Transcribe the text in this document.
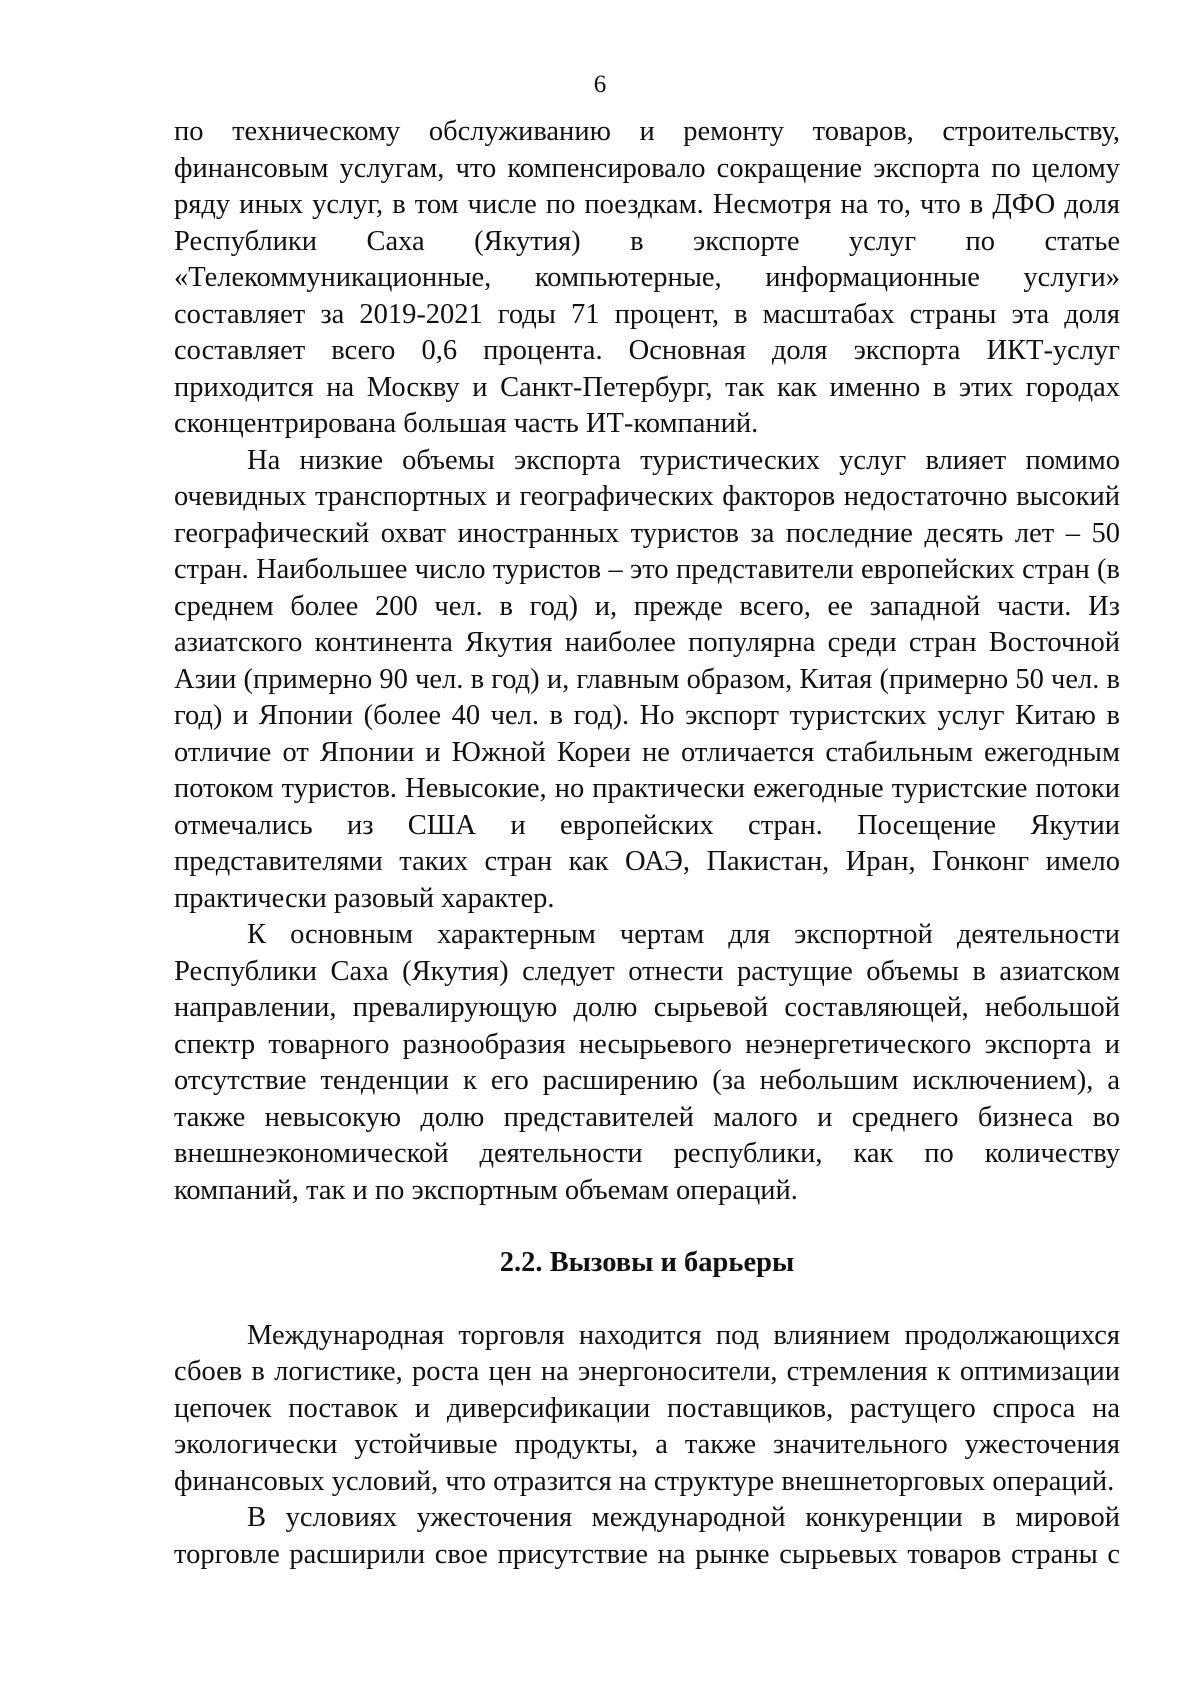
6

по техническому обслуживанию и ремонту товаров, строительству, финансовым услугам, что компенсировало сокращение экспорта по целому ряду иных услуг, в том числе по поездкам. Несмотря на то, что в ДФО доля Республики Саха (Якутия) в экспорте услуг по статье «Телекоммуникационные, компьютерные, информационные услуги» составляет за 2019-2021 годы 71 процент, в масштабах страны эта доля составляет всего 0,6 процента. Основная доля экспорта ИКТ-услуг приходится на Москву и Санкт-Петербург, так как именно в этих городах сконцентрирована большая часть ИТ-компаний.

На низкие объемы экспорта туристических услуг влияет помимо очевидных транспортных и географических факторов недостаточно высокий географический охват иностранных туристов за последние десять лет – 50 стран. Наибольшее число туристов – это представители европейских стран (в среднем более 200 чел. в год) и, прежде всего, ее западной части. Из азиатского континента Якутия наиболее популярна среди стран Восточной Азии (примерно 90 чел. в год) и, главным образом, Китая (примерно 50 чел. в год) и Японии (более 40 чел. в год). Но экспорт туристских услуг Китаю в отличие от Японии и Южной Кореи не отличается стабильным ежегодным потоком туристов. Невысокие, но практически ежегодные туристские потоки отмечались из США и европейских стран. Посещение Якутии представителями таких стран как ОАЭ, Пакистан, Иран, Гонконг имело практически разовый характер.

К основным характерным чертам для экспортной деятельности Республики Саха (Якутия) следует отнести растущие объемы в азиатском направлении, превалирующую долю сырьевой составляющей, небольшой спектр товарного разнообразия несырьевого неэнергетического экспорта и отсутствие тенденции к его расширению (за небольшим исключением), а также невысокую долю представителей малого и среднего бизнеса во внешнеэкономической деятельности республики, как по количеству компаний, так и по экспортным объемам операций.

2.2. Вызовы и барьеры

Международная торговля находится под влиянием продолжающихся сбоев в логистике, роста цен на энергоносители, стремления к оптимизации цепочек поставок и диверсификации поставщиков, растущего спроса на экологически устойчивые продукты, а также значительного ужесточения финансовых условий, что отразится на структуре внешнеторговых операций.

В условиях ужесточения международной конкуренции в мировой торговле расширили свое присутствие на рынке сырьевых товаров страны с
